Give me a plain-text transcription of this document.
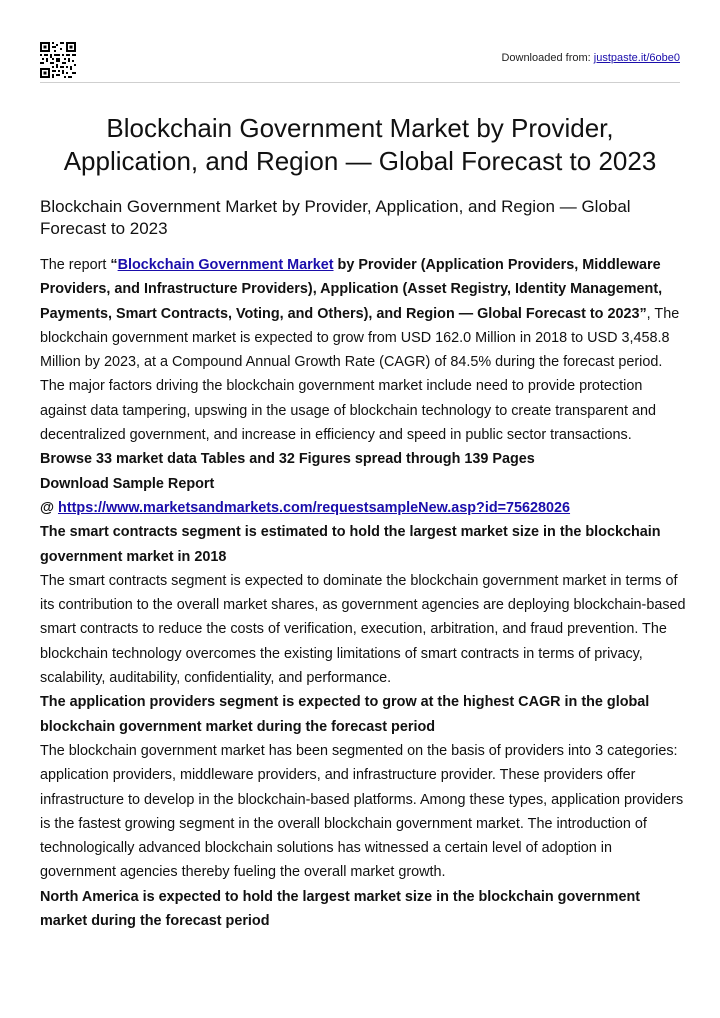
Downloaded from: justpaste.it/6obe0
Blockchain Government Market by Provider, Application, and Region — Global Forecast to 2023
Blockchain Government Market by Provider, Application, and Region — Global Forecast to 2023

The report “Blockchain Government Market by Provider (Application Providers, Middleware Providers, and Infrastructure Providers), Application (Asset Registry, Identity Management, Payments, Smart Contracts, Voting, and Others), and Region — Global Forecast to 2023”, The blockchain government market is expected to grow from USD 162.0 Million in 2018 to USD 3,458.8 Million by 2023, at a Compound Annual Growth Rate (CAGR) of 84.5% during the forecast period. The major factors driving the blockchain government market include need to provide protection against data tampering, upswing in the usage of blockchain technology to create transparent and decentralized government, and increase in efficiency and speed in public sector transactions.

Browse 33 market data Tables and 32 Figures spread through 139 Pages

Download Sample Report

@ https://www.marketsandmarkets.com/requestsampleNew.asp?id=75628026

The smart contracts segment is estimated to hold the largest market size in the blockchain government market in 2018

The smart contracts segment is expected to dominate the blockchain government market in terms of its contribution to the overall market shares, as government agencies are deploying blockchain-based smart contracts to reduce the costs of verification, execution, arbitration, and fraud prevention. The blockchain technology overcomes the existing limitations of smart contracts in terms of privacy, scalability, auditability, confidentiality, and performance.

The application providers segment is expected to grow at the highest CAGR in the global blockchain government market during the forecast period

The blockchain government market has been segmented on the basis of providers into 3 categories: application providers, middleware providers, and infrastructure provider. These providers offer infrastructure to develop in the blockchain-based platforms. Among these types, application providers is the fastest growing segment in the overall blockchain government market. The introduction of technologically advanced blockchain solutions has witnessed a certain level of adoption in government agencies thereby fueling the overall market growth.

North America is expected to hold the largest market size in the blockchain government market during the forecast period
